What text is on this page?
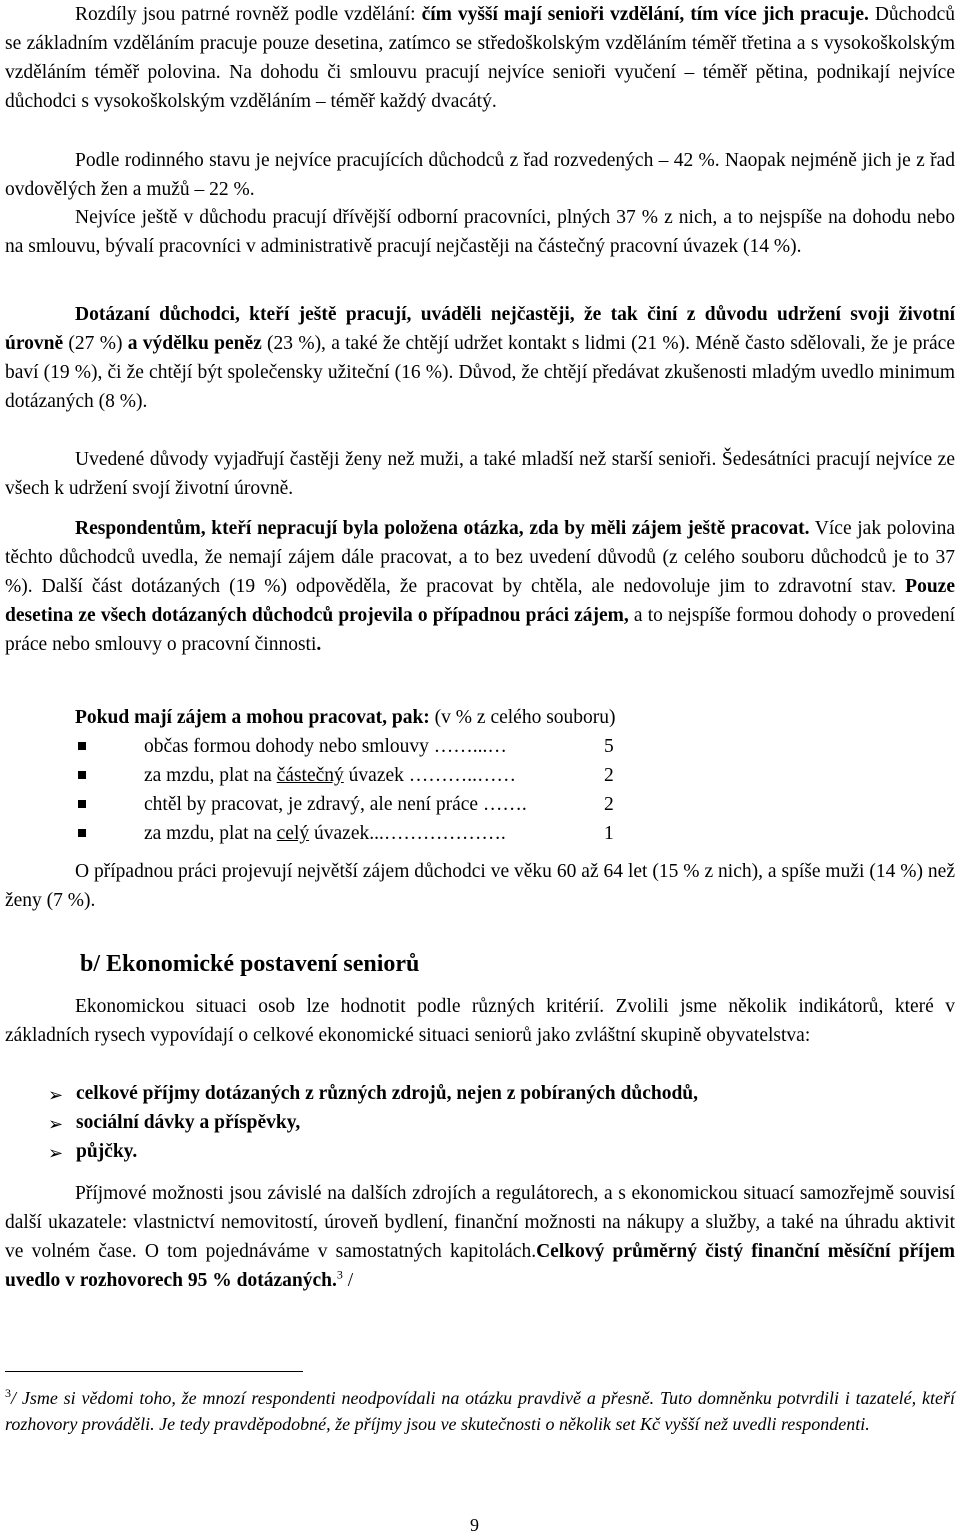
Rozdíly jsou patrné rovněž podle vzdělání: čím vyšší mají senioři vzdělání, tím více jich pracuje. Důchodců se základním vzděláním pracuje pouze desetina, zatímco se středoškolským vzděláním téměř třetina a s vysokoškolským vzděláním téměř polovina. Na dohodu či smlouvu pracují nejvíce senioři vyučení – téměř pětina, podnikají nejvíce důchodci s vysokoškolským vzděláním – téměř každý dvacátý.

Podle rodinného stavu je nejvíce pracujících důchodců z řad rozvedených – 42 %. Naopak nejméně jich je z řad ovdovělých žen a mužů – 22 %.

Nejvíce ještě v důchodu pracují dřívější odborní pracovníci, plných 37 % z nich, a to nejspíše na dohodu nebo na smlouvu, bývalí pracovníci v administrativě pracují nejčastěji na částečný pracovní úvazek (14 %).

Dotázaní důchodci, kteří ještě pracují, uváděli nejčastěji, že tak činí z důvodu udržení svoji životní úrovně (27 %) a výdělku peněz (23 %), a také že chtějí udržet kontakt s lidmi (21 %). Méně často sdělovali, že je práce baví (19 %), či že chtějí být společensky užiteční (16 %). Důvod, že chtějí předávat zkušenosti mladým uvedlo minimum dotázaných (8 %).

Uvedené důvody vyjadřují častěji ženy než muži, a také mladší než starší senioři. Šedesátníci pracují nejvíce ze všech k udržení svojí životní úrovně.

Respondentům, kteří nepracují byla položena otázka, zda by měli zájem ještě pracovat. Více jak polovina těchto důchodců uvedla, že nemají zájem dále pracovat, a to bez uvedení důvodů (z celého souboru důchodců je to 37 %). Další část dotázaných (19 %) odpověděla, že pracovat by chtěla, ale nedovoluje jim to zdravotní stav. Pouze desetina ze všech dotázaných důchodců projevila o případnou práci zájem, a to nejspíše formou dohody o provedení práce nebo smlouvy o pracovní činnosti.

Pokud mají zájem a mohou pracovat, pak: (v % z celého souboru)

občas formou dohody nebo smlouvy ……...…	5
za mzdu, plat na částečný úvazek ………..……	2
chtěl by pracovat, je zdravý, ale není práce …….	2
za mzdu, plat na celý úvazek...……………….	1

O případnou práci projevují největší zájem důchodci ve věku 60 až 64 let (15 % z nich), a spíše muži (14 %) než ženy (7 %).

b/ Ekonomické postavení seniorů

Ekonomickou situaci osob lze hodnotit podle různých kritérií. Zvolili jsme několik indikátorů, které v základních rysech vypovídají o celkové ekonomické situaci seniorů jako zvláštní skupině obyvatelstva:

➢ celkové příjmy dotázaných z různých zdrojů, nejen z pobíraných důchodů,
➢ sociální dávky a příspěvky,
➢ půjčky.

Příjmové možnosti jsou závislé na dalších zdrojích a regulátorech, a s ekonomickou situací samozřejmě souvisí další ukazatele: vlastnictví nemovitostí, úroveň bydlení, finanční možnosti na nákupy a služby, a také na úhradu aktivit ve volném čase. O tom pojednáváme v samostatných kapitolách.Celkový průměrný čistý finanční měsíční příjem uvedlo v rozhovorech 95 % dotázaných.$^3$ /

$^3$/ Jsme si vědomi toho, že mnozí respondenti neodpovídali na otázku pravdivě a přesně. Tuto domněnku potvrdili i tazatelé, kteří rozhovory prováděli. Je tedy pravděpodobné, že příjmy jsou ve skutečnosti o několik set Kč vyšší než uvedli respondenti.

9
